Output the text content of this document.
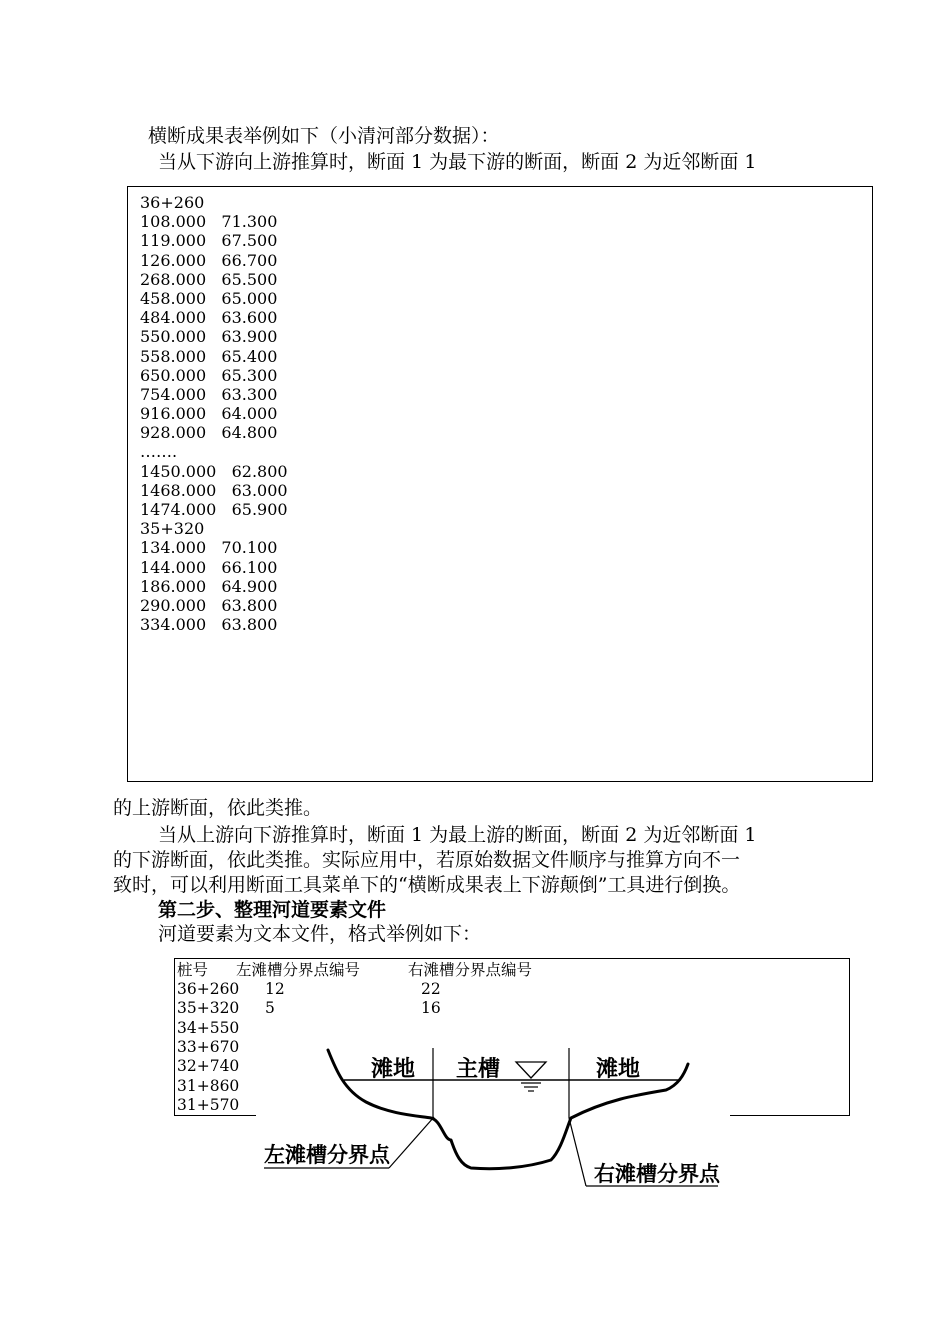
横断成果表举例如下（小清河部分数据）：
当从下游向上游推算时，断面 1 为最下游的断面，断面 2 为近邻断面 1
36+260
108.000   71.300
119.000   67.500
126.000   66.700
268.000   65.500
458.000   65.000
484.000   63.600
550.000   63.900
558.000   65.400
650.000   65.300
754.000   63.300
916.000   64.000
928.000   64.800
…….
1450.000   62.800
1468.000   63.000
1474.000   65.900
35+320
134.000   70.100
144.000   66.100
186.000   64.900
290.000   63.800
334.000   63.800
的上游断面，依此类推。
当从上游向下游推算时，断面 1 为最上游的断面，断面 2 为近邻断面 1
的下游断面，依此类推。实际应用中，若原始数据文件顺序与推算方向不一
致时，可以利用断面工具菜单下的“横断成果表上下游颠倒”工具进行倒换。
第二步、整理河道要素文件
河道要素为文本文件，格式举例如下：
桩号 左滩槽分界点编号	右滩槽分界点编号
36+260 12	22
35+320 5	16
34+550
33+670
32+740
31+860
31+570
滩地 主槽	滩地
左滩槽分界点
右滩槽分界点
